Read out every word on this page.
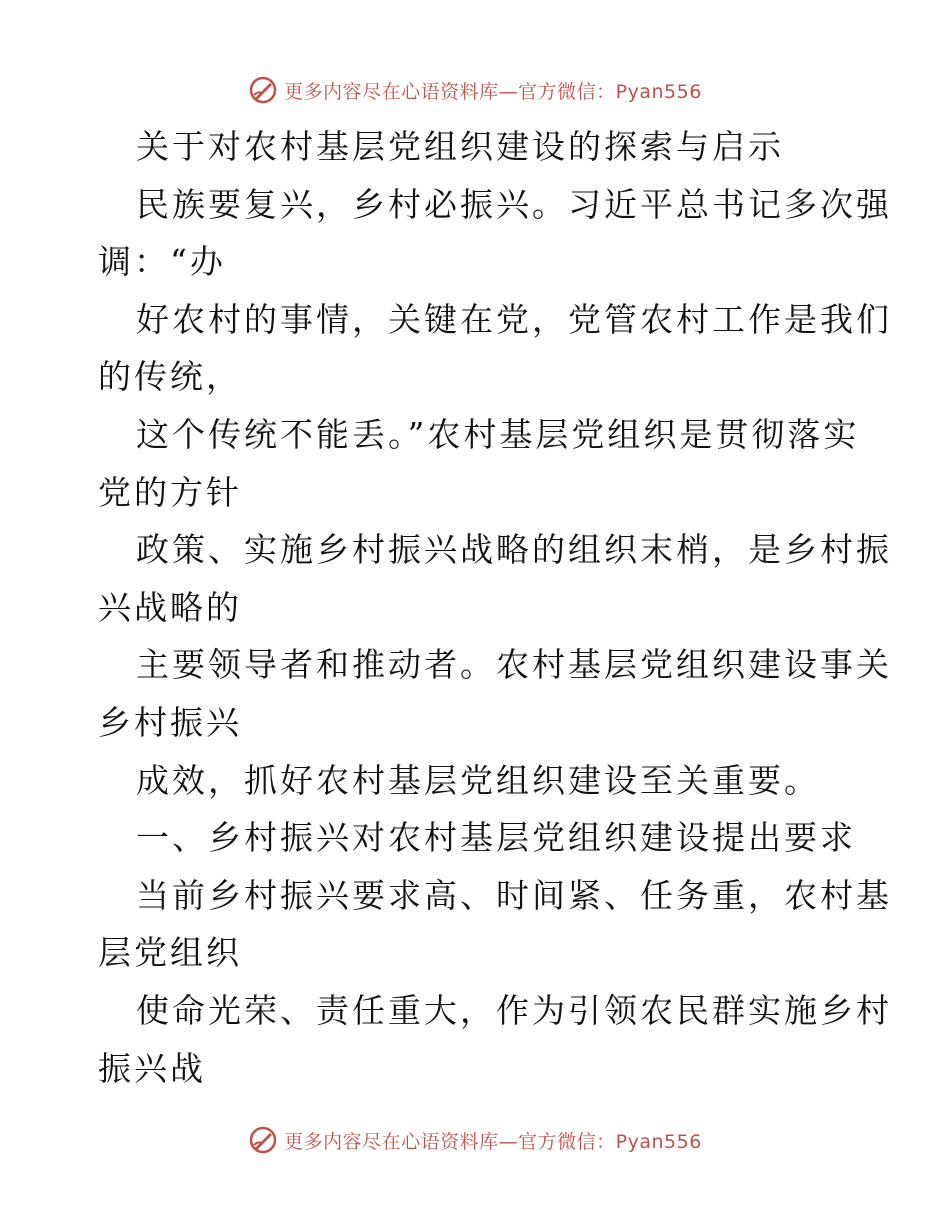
更多内容尽在心语资料库—官方微信：Pyan556
关于对农村基层党组织建设的探索与启示
民族要复兴，乡村必振兴。习近平总书记多次强
调：“办
好农村的事情，关键在党，党管农村工作是我们
的传统，
这个传统不能丢。”农村基层党组织是贯彻落实
党的方针
政策、实施乡村振兴战略的组织末梢，是乡村振
兴战略的
主要领导者和推动者。农村基层党组织建设事关
乡村振兴
成效，抓好农村基层党组织建设至关重要。
一、乡村振兴对农村基层党组织建设提出要求
当前乡村振兴要求高、时间紧、任务重，农村基
层党组织
使命光荣、责任重大，作为引领农民群实施乡村
振兴战
更多内容尽在心语资料库—官方微信：Pyan556
